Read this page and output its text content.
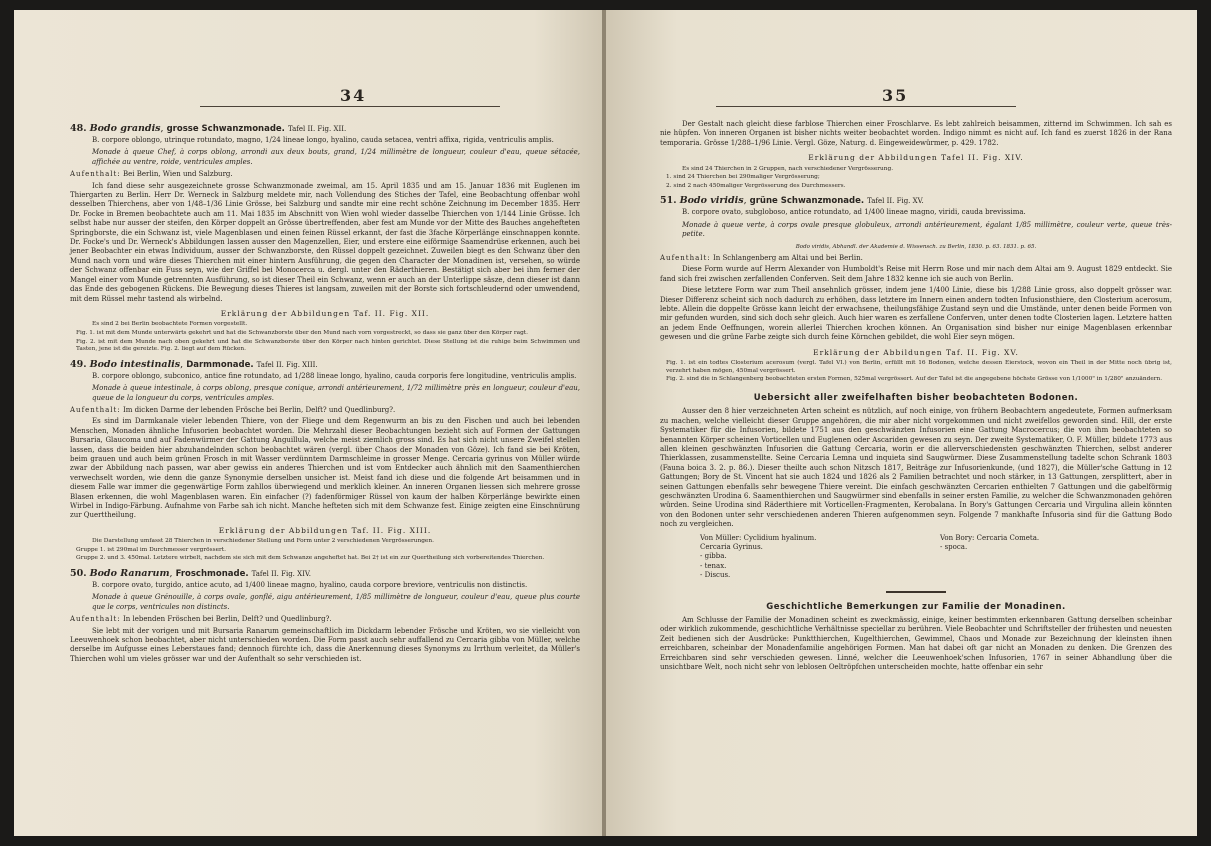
34
48. Bodo grandis, grosse Schwanzmonade. Tafel II. Fig. XII.
B. corpore oblongo, utrinque rotundato, magno, 1/24 lineae longo, hyalino, cauda setacea, ventri affixa, rigida, ventriculis amplis.
Monade à queue Chef, à corps oblong, arrondi aux deux bouts, grand, 1/24 millimètre de longueur, couleur d'eau, queue sétacée, affichée au ventre, roide, ventricules amples.
Aufenthalt: Bei Berlin, Wien und Salzburg.
Ich fand diese sehr ausgezeichnete grosse Schwanzmonade zweimal, am 15. April 1835 und am 15. Januar 1836 mit Euglenen im Thiergarten zu Berlin. Herr Dr. Werneck in Salzburg meldete mir, nach Vollendung des Stiches der Tafel, eine Beobachtung offenbar wohl desselben Thierchens, aber von 1/48–1/36 Linie Grösse, bei Salzburg und sandte mir eine recht schöne Zeichnung im December 1835. Herr Dr. Focke in Bremen beobachtete auch am 11. Mai 1835 im Abschnitt von Wien wohl wieder dasselbe Thierchen von 1/144 Linie Grösse. Ich selbst habe nur ausser der steifen, den Körper doppelt an Grösse übertreffenden, aber fest am Munde vor der Mitte des Bauches angehefteten Springborste, die ein Schwanz ist, viele Magenblasen und einen feinen Rüssel erkannt, der fast die 3fache Körperlänge einschnappen konnte. Dr. Focke's und Dr. Werneck's Abbildungen lassen ausser den Magenzellen, Eier, und erstere eine eiförmige Saamendrüse erkennen, auch bei jener Beobachter ein etwas Individuum, ausser der Schwanzborste, den Rüssel doppelt gezeichnet. Zuweilen biegt es den Schwanz über den Mund nach vorn und wäre dieses Thierchen mit einer hintern Ausführung, die gegen den Character der Monadinen ist, versehen, so würde der Schwanz offenbar ein Fuss seyn, wie der Griffel bei Monocerca u. dergl. unter den Räderthieren. Bestätigt sich aber bei ihm ferner der Mangel einer vom Munde getrennten Ausführung, so ist dieser Theil ein Schwanz, wenn er auch an der Unterlippe säsze, denn dieser ist dann das Ende des gebogenen Rückens. Die Bewegung dieses Thieres ist langsam, zuweilen mit der Borste sich fortschleudernd oder umwendend, mit dem Rüssel mehr tastend als wirbelnd.
Erklärung der Abbildungen Taf. II. Fig. XII.
Es sind 2 bei Berlin beobachtete Formen vorgestellt.
Fig. 1. ist mit dem Munde unterwärts gekehrt und hat die Schwanzborste über den Mund nach vorn vorgestreckt, so dass sie ganz über den Körper ragt.
Fig. 2. ist mit dem Munde nach oben gekehrt und hat die Schwanzborste über den Körper nach hinten gerichtet. Diese Stellung ist die ruhige beim Schwimmen und Tasten, jene ist die gereizte. Fig. 2. liegt auf dem Rücken.
49. Bodo intestinalis, Darmmonade. Tafel II. Fig. XIII.
B. corpore oblongo, subconico, antice fine rotundato, ad 1/288 lineae longo, hyalino, cauda corporis fere longitudine, ventriculis amplis.
Monade à queue intestinale, à corps oblong, presque conique, arrondi antérieurement, 1/72 millimètre près en longueur, couleur d'eau, queue de la longueur du corps, ventricules amples.
Aufenthalt: Im dicken Darme der lebenden Frösche bei Berlin, Delft? und Quedlinburg?.
Es sind im Darmkanale vieler lebenden Thiere, von der Fliege und dem Regenwurm an bis zu den Fischen und auch bei lebenden Menschen, Monaden ähnliche Infusorien beobachtet worden. Die Mehrzahl dieser Beobachtungen bezieht sich auf Formen der Gattungen Bursaria, Glaucoma und auf Fadenwürmer der Gattung Anguillula, welche meist ziemlich gross sind. Es hat sich nicht unsere Zweifel stellen lassen, dass die beiden hier abzuhandelnden schon beobachtet wären (vergl. über Chaos der Monaden von Göze). Ich fand sie bei Kröten, beim grauen und auch beim grünen Frosch in mit Wasser verdünntem Darmschleime in grosser Menge. Cercaria gyrinus von Müller würde zwar der Abbildung nach passen, war aber gewiss ein anderes Thierchen und ist vom Entdecker auch ähnlich mit den Saamenthierchen verwechselt worden, wie denn die ganze Synonymie derselben unsicher ist. Meist fand ich diese und die folgende Art beisammen und in diesem Falle war immer die gegenwärtige Form zahllos überwiegend und merklich kleiner. An inneren Organen liessen sich mehrere grosse Blasen erkennen, die wohl Magenblasen waren. Ein einfacher (?) fadenförmiger Rüssel von kaum der halben Körperlänge bewirkte einen Wirbel in Indigo-Färbung. Aufnahme von Farbe sah ich nicht. Manche hefteten sich mit dem Schwanze fest. Einige zeigten eine Einschnürung zur Querttheilung.
Erklärung der Abbildungen Taf. II. Fig. XIII.
Die Darstellung umfasst 28 Thierchen in verschiedener Stellung und Form unter 2 verschiedenen Vergrösserungen.
Gruppe 1. ist 290mal im Durchmesser vergrössert.
Gruppe 2. und 3. 450mal. Letztere wirbelt, nachdem sie sich mit dem Schwanze angeheftet hat. Bei 2† ist ein zur Quertheilung sich vorbereitendes Thierchen.
50. Bodo Ranarum, Froschmonade. Tafel II. Fig. XIV.
B. corpore ovato, turgido, antice acuto, ad 1/400 lineae magno, hyalino, cauda corpore breviore, ventriculis non distinctis.
Monade à queue Grénouille, à corps ovale, gonflé, aigu antérieurement, 1/85 millimètre de longueur, couleur d'eau, queue plus courte que le corps, ventricules non distincts.
Aufenthalt: In lebenden Fröschen bei Berlin, Delft? und Quedlinburg?.
Sie lebt mit der vorigen und mit Bursaria Ranarum gemeinschaftlich im Dickdarm lebender Frösche und Kröten, wo sie vielleicht von Leeuwenhoek schon beobachtet, aber nicht unterschieden worden. Die Form passt auch sehr auffallend zu Cercaria gibba von Müller, welche derselbe im Aufgusse eines Leberstaues fand; dennoch fürchte ich, dass die Anerkennung dieses Synonyms zu Irrthum verleitet, da Müller's Thierchen wohl um vieles grösser war und der Aufenthalt so sehr verschieden ist.
35
Der Gestalt nach gleicht diese farblose Thierchen einer Froschlarve. Es lebt zahlreich beisammen, zitternd im Schwimmen. Ich sah es nie hüpfen. Von inneren Organen ist bisher nichts weiter beobachtet worden. Indigo nimmt es nicht auf. Ich fand es zuerst 1826 in der Rana temporaria. Grösse 1/288–1/96 Linie. Vergl. Göze, Naturg. d. Eingeweidewürmer, p. 429. 1782.
Erklärung der Abbildungen Tafel II. Fig. XIV.
Es sind 24 Thierchen in 2 Gruppen, nach verschiedener Vergrösserung.
1. sind 24 Thierchen bei 290maliger Vergrösserung;
2. sind 2 nach 450maliger Vergrösserung des Durchmessers.
51. Bodo viridis, grüne Schwanzmonade. Tafel II. Fig. XV.
B. corpore ovato, subgloboso, antice rotundato, ad 1/400 lineae magno, viridi, cauda brevissima.
Monade à queue verte, à corps ovale presque globuleux, arrondi antérieurement, égalant 1/85 millimètre, couleur verte, queue très-petite.
Bodo viridis, Abhandl. der Akademie d. Wissensch. zu Berlin, 1830. p. 63. 1831. p. 65.
Aufenthalt: In Schlangenberg am Altai und bei Berlin.
Diese Form wurde auf Herrn Alexander von Humboldt's Reise mit Herrn Rose und mir nach dem Altai am 9. August 1829 entdeckt. Sie fand sich frei zwischen zerfallenden Conferven. Seit dem Jahre 1832 kenne ich sie auch von Berlin.
Diese letztere Form war zum Theil ansehnlich grösser, indem jene 1/400 Linie, diese bis 1/288 Linie gross, also doppelt grösser war. Dieser Differenz scheint sich noch dadurch zu erhöhen, dass letztere im Innern einen andern todten Infusionsthiere, den Closterium acerosum, lebte. Allein die doppelte Grösse kann leicht der erwachsene, theilungsfähige Zustand seyn und die Umstände, unter denen beide Formen von mir gefunden wurden, sind sich doch sehr gleich. Auch hier waren es zerfallene Conferven, unter denen todte Closterien lagen. Letztere hatten an jedem Ende Oeffnungen, worein allerlei Thierchen krochen können. An Organisation sind bisher nur einige Magenblasen erkennbar gewesen und die grüne Farbe zeigte sich durch feine Körnchen gebildet, die wohl Eier seyn mögen.
Erklärung der Abbildungen Taf. II. Fig. XV.
Fig. 1. ist ein todtes Closterium acerosum (vergl. Tafel VI.) von Berlin, erfüllt mit 16 Bodonen, welche dessen Eierstock, wovon ein Theil in der Mitte noch übrig ist, verzehrt haben mögen, 450mal vergrössert.
Fig. 2. sind die in Schlangenberg beobachteten ersten Formen, 525mal vergrössert. Auf der Tafel ist die angegebene höchste Grösse von 1/1000" in 1/280" anzuändern.
Uebersicht aller zweifelhaften bisher beobachteten Bodonen.
Ausser den 8 hier verzeichneten Arten scheint es nützlich, auf noch einige, von frühern Beobachtern angedeutete, Formen aufmerksam zu machen, welche vielleicht dieser Gruppe angehören, die mir aber nicht vorgekommen und nicht zweifellos geworden sind. Hill, der erste Systematiker für die Infusorien, bildete 1751 aus den geschwänzten Infusorien eine Gattung Macrocercus; die von ihm beobachteten so benannten Körper scheinen Vorticellen und Euglenen oder Ascariden gewesen zu seyn. Der zweite Systematiker, O. F. Müller, bildete 1773 aus allen kleinen geschwänzten Infusorien die Gattung Cercaria, worin er die allerverschiedensten geschwänzten Thierchen, selbst anderer Thierklassen, zusammenstellte. Seine Cercaria Lemna und inquieta sind Saugwürmer. Diese Zusammenstellung tadelte schon Schrank 1803 (Fauna boica 3. 2. p. 86.). Dieser theilte auch schon Nitzsch 1817, Beiträge zur Infusorienkunde, (und 1827), die Müller'sche Gattung in 12 Gattungen; Bory de St. Vincent hat sie auch 1824 und 1826 als 2 Familien betrachtet und noch stärker, in 13 Gattungen, zersplittert, aber in seinen Gattungen ebenfalls sehr bewegene Thiere vereint. Die einfach geschwänzten Cercarien enthielten 7 Gattungen und die gabelförmig geschwänzten Urodina 6. Saamenthierchen und Saugwürmer sind ebenfalls in seiner ersten Familie, zu welcher die Schwanzmonaden gehören würden. Seine Urodina sind Räderthiere mit Vorticellen-Fragmenten, Kerobalana. In Bory's Gattungen Cercaria und Virgulina allein könnten von den Bodonen unter sehr verschiedenen anderen Thieren aufgenommen seyn. Folgende 7 mankhafte Infusoria sind für die Gattung Bodo noch zu vergleichen.
Von Müller: Cyclidium hyalinum.	Von Bory: Cercaria Cometa.
Cercaria Gyrinus.	- spoca.
- gibba.
- tenax.
- Discus.
Geschichtliche Bemerkungen zur Familie der Monadinen.
Am Schlusse der Familie der Monadinen scheint es zweckmässig, einige, keiner bestimmten erkennbaren Gattung derselben scheinbar oder wirklich zukommende, geschichtliche Verhältnisse speciellar zu berühren. Viele Beobachter und Schriftsteller der frühesten und neuesten Zeit bedienen sich der Ausdrücke: Punktthierchen, Kugelthierchen, Gewimmel, Chaos und Monade zur Bezeichnung der kleinsten ihnen erreichbaren, scheinbar der Monadenfamilie angehörigen Formen. Man hat dabei oft gar nicht an Monaden zu denken. Die Grenzen des Erreichbaren sind sehr verschieden gewesen. Linné, welcher die Leeuwenhoek'schen Infusorien, 1767 in seiner Abhandlung über die unsichtbare Welt, noch nicht sehr von leblosen Oeltröpfchen unterscheiden mochte, hatte offenbar ein sehr
